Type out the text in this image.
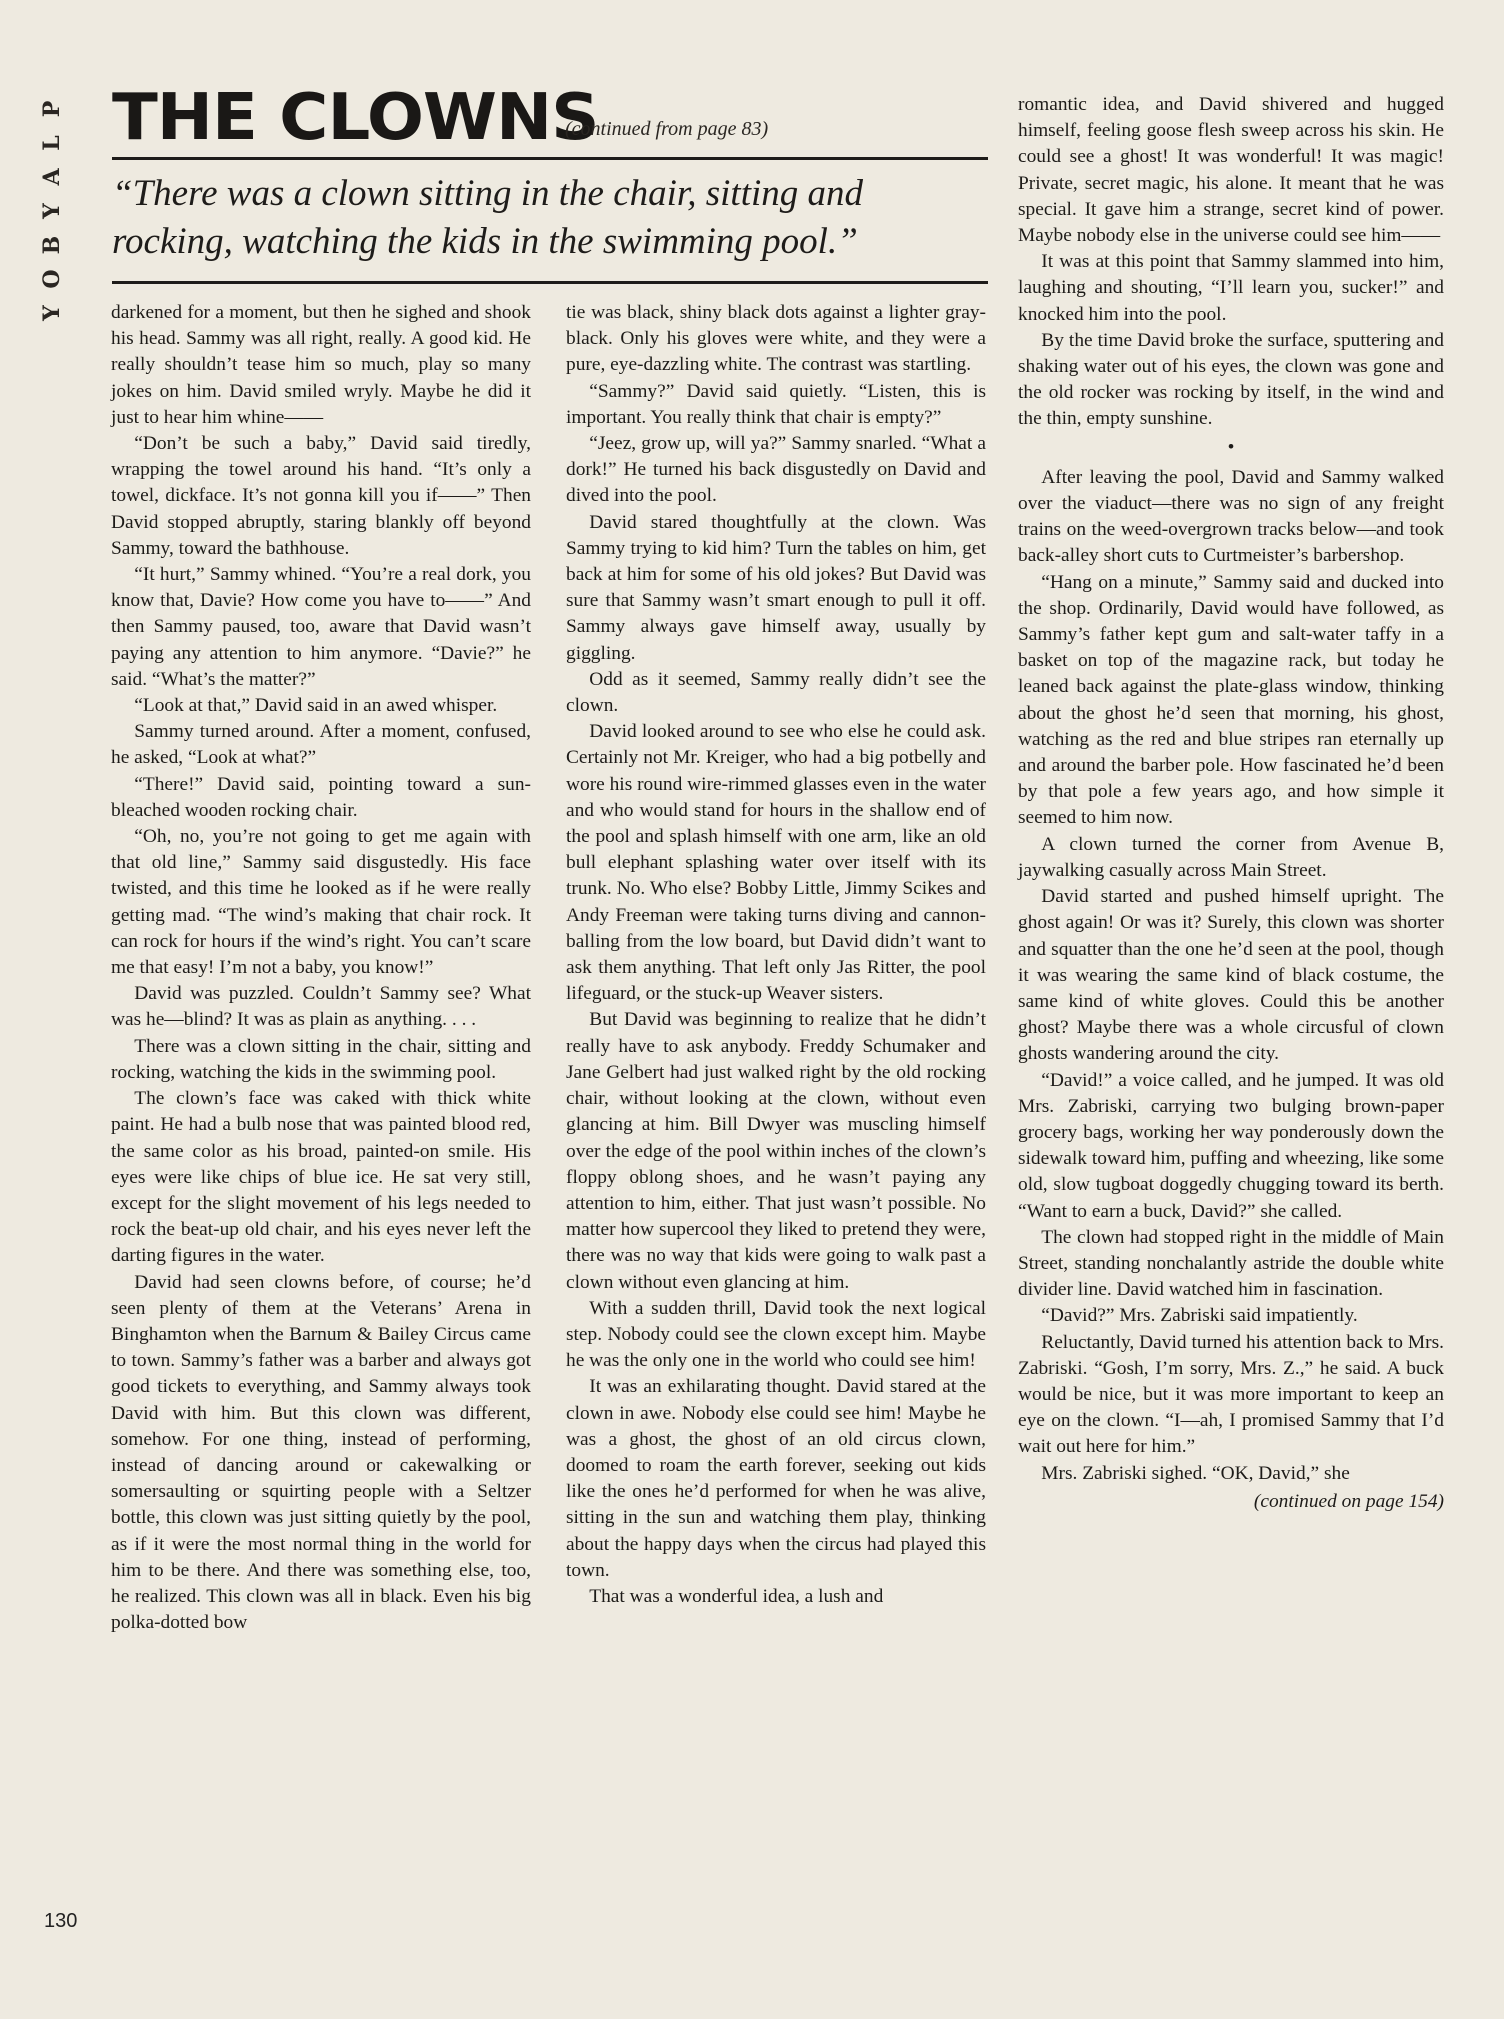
P
L
A
Y
B
O
Y
THE CLOWNS
(continued from page 83)
“There was a clown sitting in the chair, sitting and rocking, watching the kids in the swimming pool.”

darkened for a moment, but then he sighed and shook his head. Sammy was all right, really. A good kid. He really shouldn’t tease him so much, play so many jokes on him. David smiled wryly. Maybe he did it just to hear him whine——

“Don’t be such a baby,” David said tiredly, wrapping the towel around his hand. “It’s only a towel, dickface. It’s not gonna kill you if——” Then David stopped abruptly, staring blankly off beyond Sammy, toward the bathhouse.

“It hurt,” Sammy whined. “You’re a real dork, you know that, Davie? How come you have to——” And then Sammy paused, too, aware that David wasn’t paying any attention to him anymore. “Davie?” he said. “What’s the matter?”

“Look at that,” David said in an awed whisper.

Sammy turned around. After a moment, confused, he asked, “Look at what?”

“There!” David said, pointing toward a sun-bleached wooden rocking chair.

“Oh, no, you’re not going to get me again with that old line,” Sammy said disgustedly. His face twisted, and this time he looked as if he were really getting mad. “The wind’s making that chair rock. It can rock for hours if the wind’s right. You can’t scare me that easy! I’m not a baby, you know!”

David was puzzled. Couldn’t Sammy see? What was he—blind? It was as plain as anything. . . .

There was a clown sitting in the chair, sitting and rocking, watching the kids in the swimming pool.

The clown’s face was caked with thick white paint. He had a bulb nose that was painted blood red, the same color as his broad, painted-on smile. His eyes were like chips of blue ice. He sat very still, except for the slight movement of his legs needed to rock the beat-up old chair, and his eyes never left the darting figures in the water.

David had seen clowns before, of course; he’d seen plenty of them at the Veterans’ Arena in Binghamton when the Barnum & Bailey Circus came to town. Sammy’s father was a barber and always got good tickets to everything, and Sammy always took David with him. But this clown was different, somehow. For one thing, instead of performing, instead of dancing around or cakewalking or somersaulting or squirting people with a Seltzer bottle, this clown was just sitting quietly by the pool, as if it were the most normal thing in the world for him to be there. And there was something else, too, he realized. This clown was all in black. Even his big polka-dotted bow

tie was black, shiny black dots against a lighter gray-black. Only his gloves were white, and they were a pure, eye-dazzling white. The contrast was startling.

“Sammy?” David said quietly. “Listen, this is important. You really think that chair is empty?”

“Jeez, grow up, will ya?” Sammy snarled. “What a dork!” He turned his back disgustedly on David and dived into the pool.

David stared thoughtfully at the clown. Was Sammy trying to kid him? Turn the tables on him, get back at him for some of his old jokes? But David was sure that Sammy wasn’t smart enough to pull it off. Sammy always gave himself away, usually by giggling.

Odd as it seemed, Sammy really didn’t see the clown.

David looked around to see who else he could ask. Certainly not Mr. Kreiger, who had a big potbelly and wore his round wire-rimmed glasses even in the water and who would stand for hours in the shallow end of the pool and splash himself with one arm, like an old bull elephant splashing water over itself with its trunk. No. Who else? Bobby Little, Jimmy Scikes and Andy Freeman were taking turns diving and cannon-balling from the low board, but David didn’t want to ask them anything. That left only Jas Ritter, the pool lifeguard, or the stuck-up Weaver sisters.

But David was beginning to realize that he didn’t really have to ask anybody. Freddy Schumaker and Jane Gelbert had just walked right by the old rocking chair, without looking at the clown, without even glancing at him. Bill Dwyer was muscling himself over the edge of the pool within inches of the clown’s floppy oblong shoes, and he wasn’t paying any attention to him, either. That just wasn’t possible. No matter how supercool they liked to pretend they were, there was no way that kids were going to walk past a clown without even glancing at him.

With a sudden thrill, David took the next logical step. Nobody could see the clown except him. Maybe he was the only one in the world who could see him!

It was an exhilarating thought. David stared at the clown in awe. Nobody else could see him! Maybe he was a ghost, the ghost of an old circus clown, doomed to roam the earth forever, seeking out kids like the ones he’d performed for when he was alive, sitting in the sun and watching them play, thinking about the happy days when the circus had played this town.

That was a wonderful idea, a lush and

romantic idea, and David shivered and hugged himself, feeling goose flesh sweep across his skin. He could see a ghost! It was wonderful! It was magic! Private, secret magic, his alone. It meant that he was special. It gave him a strange, secret kind of power. Maybe nobody else in the universe could see him——

It was at this point that Sammy slammed into him, laughing and shouting, “I’ll learn you, sucker!” and knocked him into the pool.

By the time David broke the surface, sputtering and shaking water out of his eyes, the clown was gone and the old rocker was rocking by itself, in the wind and the thin, empty sunshine.

•

After leaving the pool, David and Sammy walked over the viaduct—there was no sign of any freight trains on the weed-overgrown tracks below—and took back-alley short cuts to Curtmeister’s barbershop.

“Hang on a minute,” Sammy said and ducked into the shop. Ordinarily, David would have followed, as Sammy’s father kept gum and salt-water taffy in a basket on top of the magazine rack, but today he leaned back against the plate-glass window, thinking about the ghost he’d seen that morning, his ghost, watching as the red and blue stripes ran eternally up and around the barber pole. How fascinated he’d been by that pole a few years ago, and how simple it seemed to him now.

A clown turned the corner from Avenue B, jaywalking casually across Main Street.

David started and pushed himself upright. The ghost again! Or was it? Surely, this clown was shorter and squatter than the one he’d seen at the pool, though it was wearing the same kind of black costume, the same kind of white gloves. Could this be another ghost? Maybe there was a whole circusful of clown ghosts wandering around the city.

“David!” a voice called, and he jumped. It was old Mrs. Zabriski, carrying two bulging brown-paper grocery bags, working her way ponderously down the sidewalk toward him, puffing and wheezing, like some old, slow tugboat doggedly chugging toward its berth. “Want to earn a buck, David?” she called.

The clown had stopped right in the middle of Main Street, standing nonchalantly astride the double white divider line. David watched him in fascination.

“David?” Mrs. Zabriski said impatiently.

Reluctantly, David turned his attention back to Mrs. Zabriski. “Gosh, I’m sorry, Mrs. Z.,” he said. A buck would be nice, but it was more important to keep an eye on the clown. “I—ah, I promised Sammy that I’d wait out here for him.”

Mrs. Zabriski sighed. “OK, David,” she

(continued on page 154)
130
